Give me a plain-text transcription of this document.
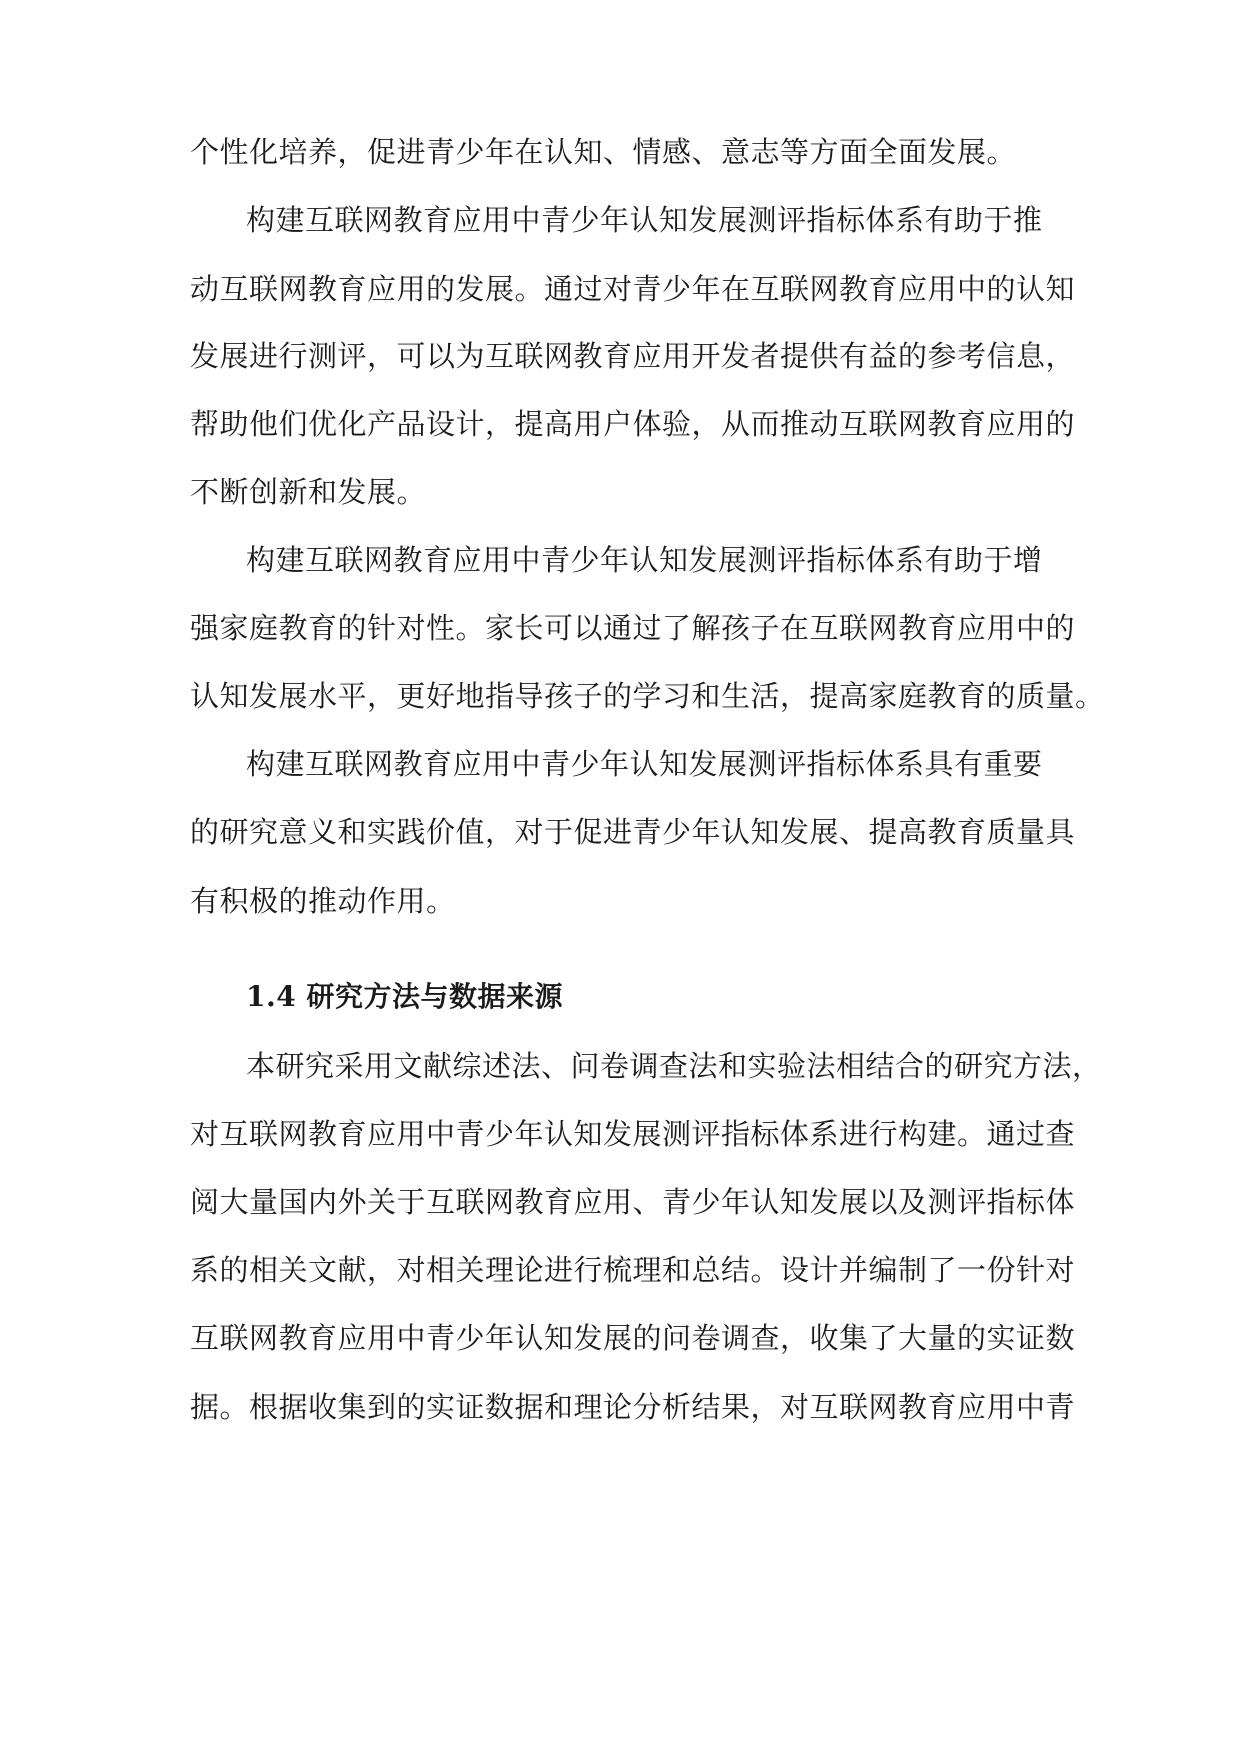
个性化培养，促进青少年在认知、情感、意志等方面全面发展。
构建互联网教育应用中青少年认知发展测评指标体系有助于推
动互联网教育应用的发展。通过对青少年在互联网教育应用中的认知
发展进行测评，可以为互联网教育应用开发者提供有益的参考信息，
帮助他们优化产品设计，提高用户体验，从而推动互联网教育应用的
不断创新和发展。
构建互联网教育应用中青少年认知发展测评指标体系有助于增
强家庭教育的针对性。家长可以通过了解孩子在互联网教育应用中的
认知发展水平，更好地指导孩子的学习和生活，提高家庭教育的质量。
构建互联网教育应用中青少年认知发展测评指标体系具有重要
的研究意义和实践价值，对于促进青少年认知发展、提高教育质量具
有积极的推动作用。
1.4 研究方法与数据来源
本研究采用文献综述法、问卷调查法和实验法相结合的研究方法，
对互联网教育应用中青少年认知发展测评指标体系进行构建。通过查
阅大量国内外关于互联网教育应用、青少年认知发展以及测评指标体
系的相关文献，对相关理论进行梳理和总结。设计并编制了一份针对
互联网教育应用中青少年认知发展的问卷调查，收集了大量的实证数
据。根据收集到的实证数据和理论分析结果，对互联网教育应用中青
